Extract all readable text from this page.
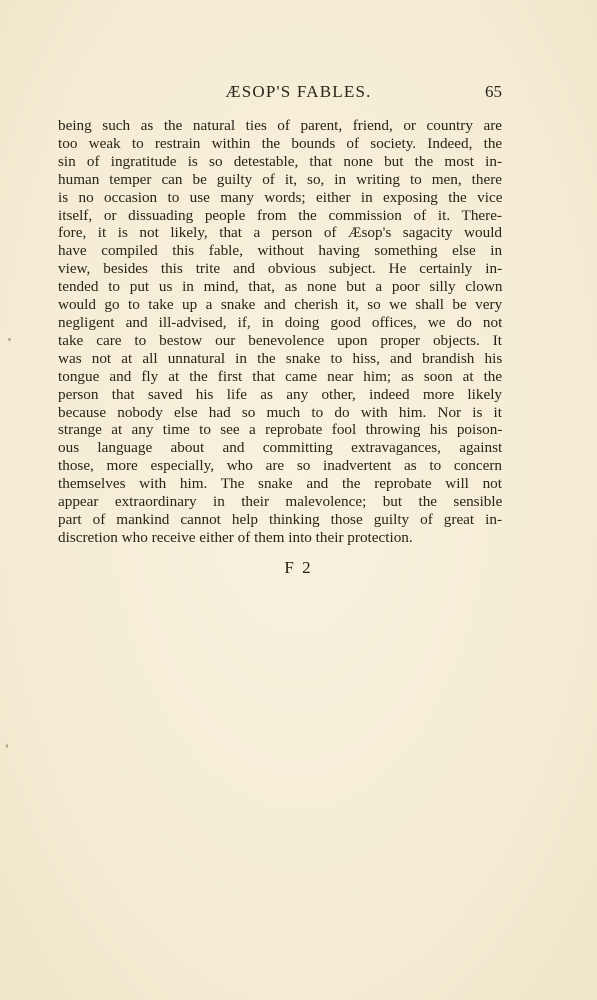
ÆSOP'S FABLES.	65
being such as the natural ties of parent, friend, or country are
too weak to restrain within the bounds of society. Indeed, the
sin of ingratitude is so detestable, that none but the most in-
human temper can be guilty of it, so, in writing to men, there
is no occasion to use many words; either in exposing the vice
itself, or dissuading people from the commission of it. There-
fore, it is not likely, that a person of Æsop's sagacity would
have compiled this fable, without having something else in
view, besides this trite and obvious subject. He certainly in-
tended to put us in mind, that, as none but a poor silly clown
would go to take up a snake and cherish it, so we shall be very
negligent and ill-advised, if, in doing good offices, we do not
take care to bestow our benevolence upon proper objects. It
was not at all unnatural in the snake to hiss, and brandish his
tongue and fly at the first that came near him; as soon at the
person that saved his life as any other, indeed more likely
because nobody else had so much to do with him. Nor is it
strange at any time to see a reprobate fool throwing his poison-
ous language about and committing extravagances, against
those, more especially, who are so inadvertent as to concern
themselves with him. The snake and the reprobate will not
appear extraordinary in their malevolence; but the sensible
part of mankind cannot help thinking those guilty of great in-
discretion who receive either of them into their protection.
F 2
